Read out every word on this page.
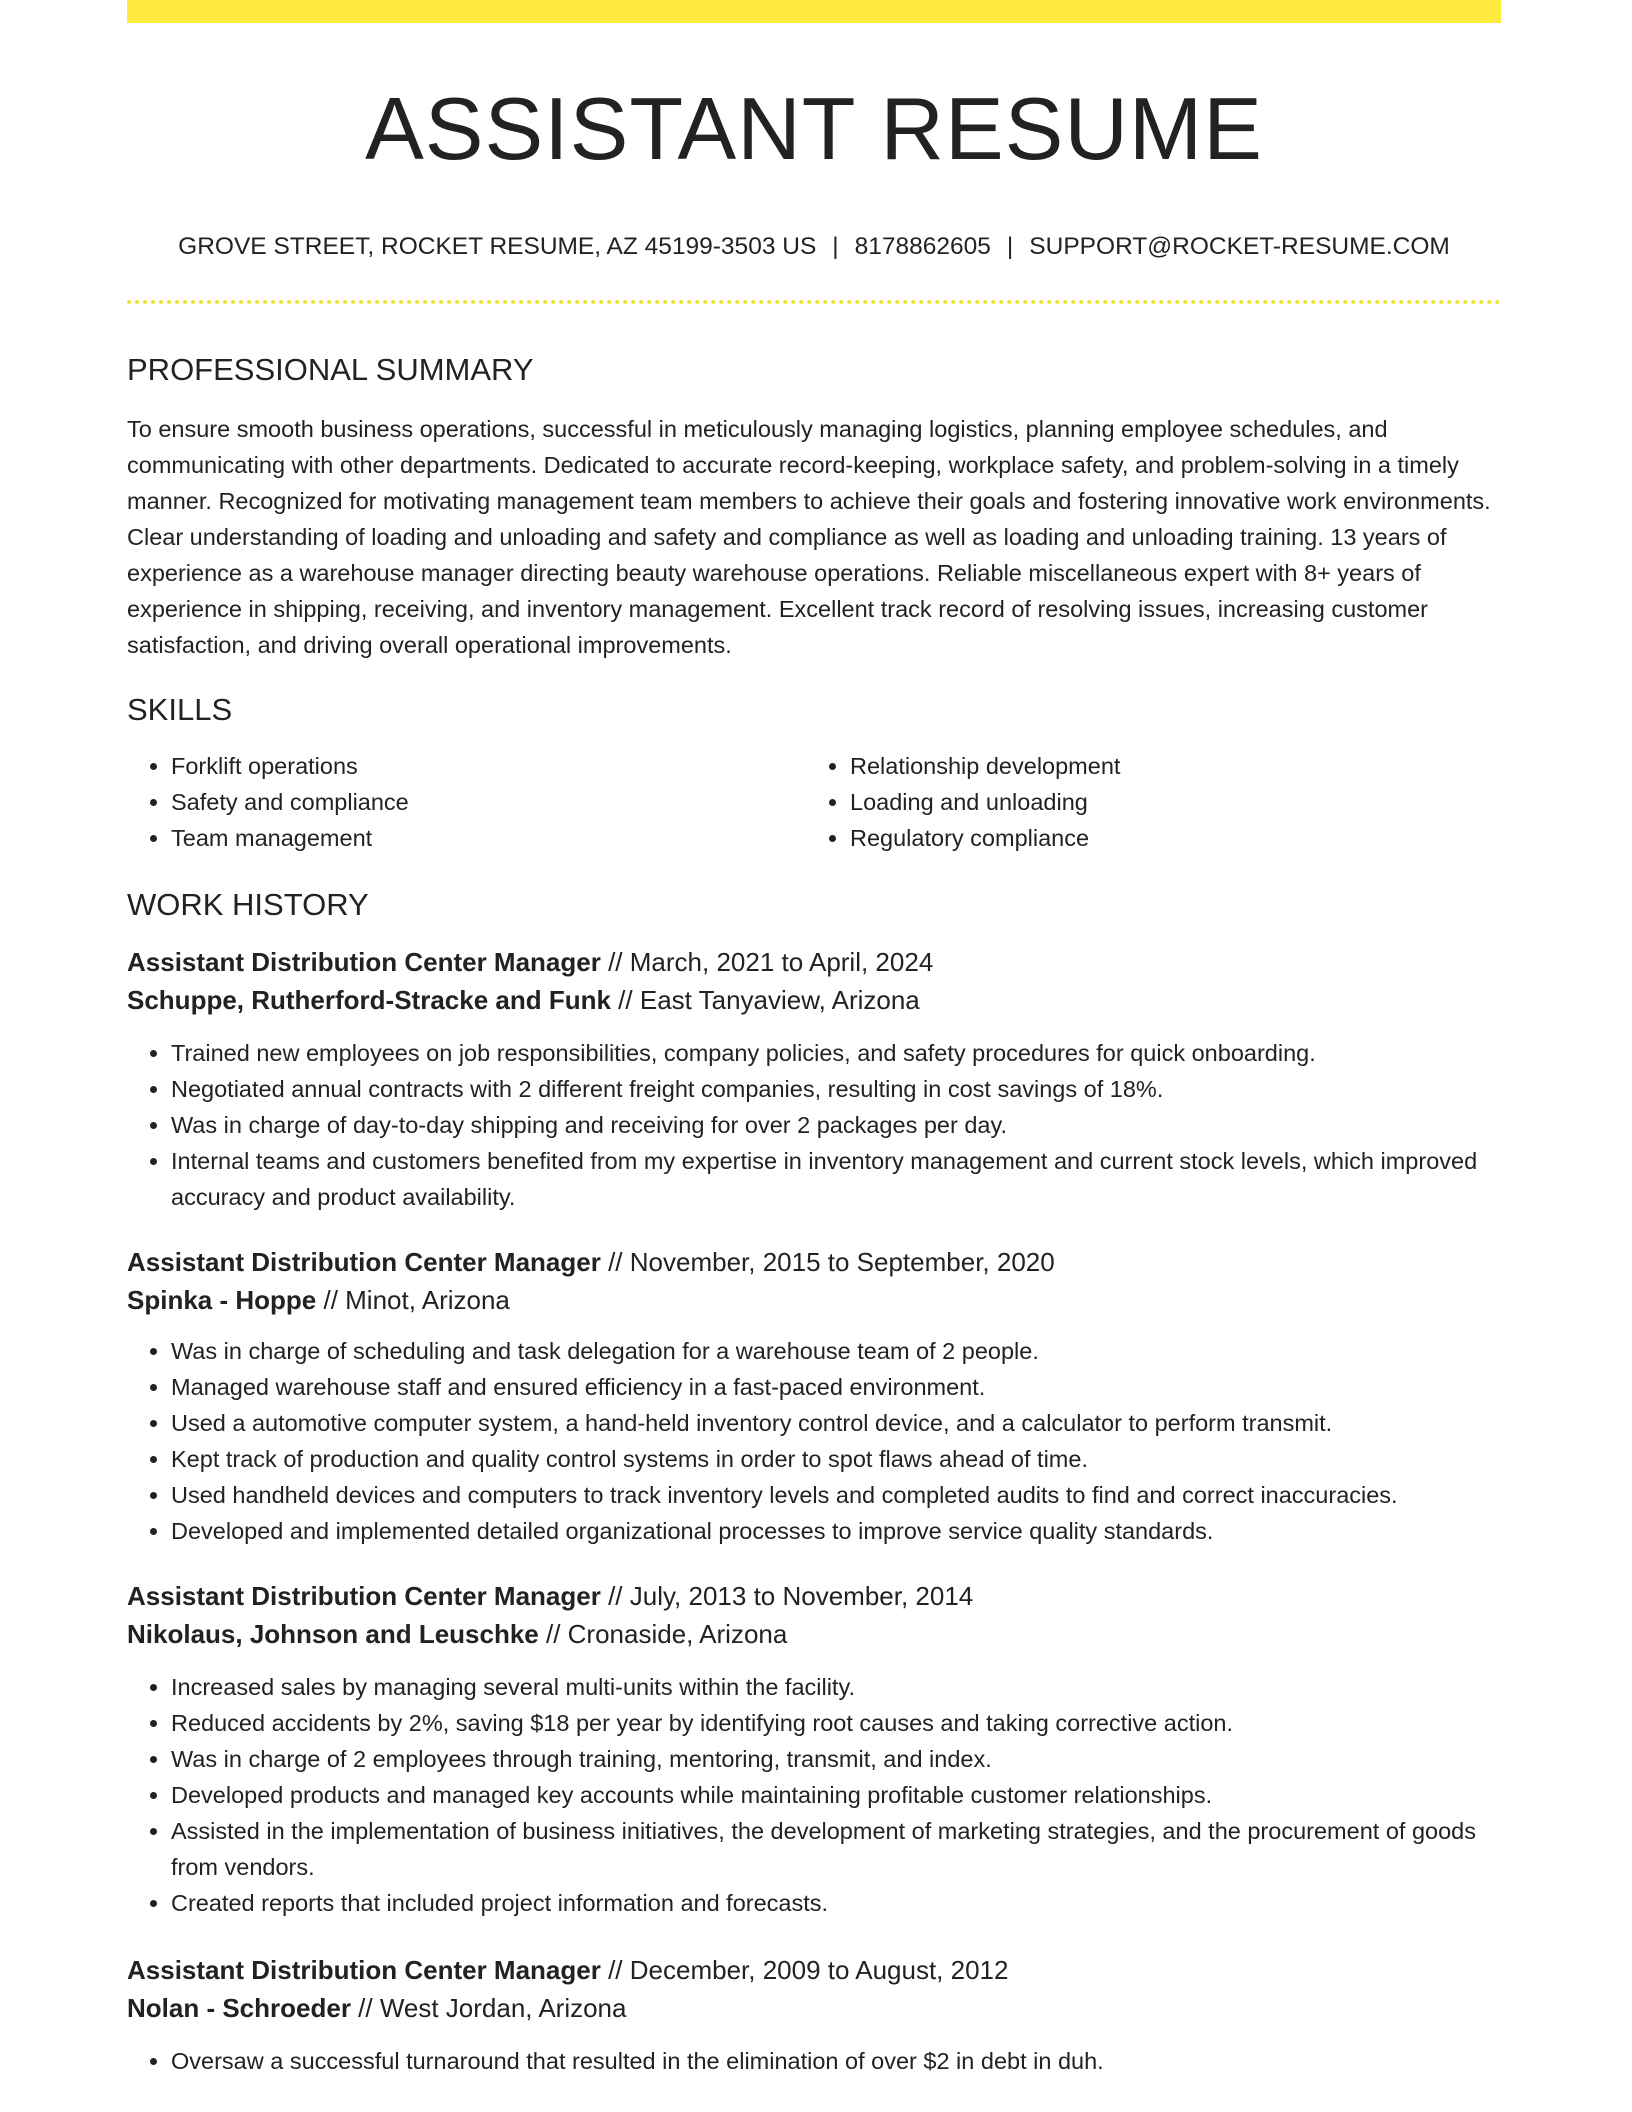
ASSISTANT RESUME
GROVE STREET, ROCKET RESUME, AZ 45199-3503 US | 8178862605 | SUPPORT@ROCKET-RESUME.COM
PROFESSIONAL SUMMARY

To ensure smooth business operations, successful in meticulously managing logistics, planning employee schedules, and communicating with other departments. Dedicated to accurate record-keeping, workplace safety, and problem-solving in a timely manner. Recognized for motivating management team members to achieve their goals and fostering innovative work environments. Clear understanding of loading and unloading and safety and compliance as well as loading and unloading training. 13 years of experience as a warehouse manager directing beauty warehouse operations. Reliable miscellaneous expert with 8+ years of experience in shipping, receiving, and inventory management. Excellent track record of resolving issues, increasing customer satisfaction, and driving overall operational improvements.

SKILLS
• Forklift operations
• Safety and compliance
• Team management
• Relationship development
• Loading and unloading
• Regulatory compliance
WORK HISTORY
Assistant Distribution Center Manager // March, 2021 to April, 2024
Schuppe, Rutherford-Stracke and Funk // East Tanyaview, Arizona
• Trained new employees on job responsibilities, company policies, and safety procedures for quick onboarding.
• Negotiated annual contracts with 2 different freight companies, resulting in cost savings of 18%.
• Was in charge of day-to-day shipping and receiving for over 2 packages per day.
• Internal teams and customers benefited from my expertise in inventory management and current stock levels, which improved accuracy and product availability.
Assistant Distribution Center Manager // November, 2015 to September, 2020
Spinka - Hoppe // Minot, Arizona
• Was in charge of scheduling and task delegation for a warehouse team of 2 people.
• Managed warehouse staff and ensured efficiency in a fast-paced environment.
• Used a automotive computer system, a hand-held inventory control device, and a calculator to perform transmit.
• Kept track of production and quality control systems in order to spot flaws ahead of time.
• Used handheld devices and computers to track inventory levels and completed audits to find and correct inaccuracies.
• Developed and implemented detailed organizational processes to improve service quality standards.
Assistant Distribution Center Manager // July, 2013 to November, 2014
Nikolaus, Johnson and Leuschke // Cronaside, Arizona
• Increased sales by managing several multi-units within the facility.
• Reduced accidents by 2%, saving $18 per year by identifying root causes and taking corrective action.
• Was in charge of 2 employees through training, mentoring, transmit, and index.
• Developed products and managed key accounts while maintaining profitable customer relationships.
• Assisted in the implementation of business initiatives, the development of marketing strategies, and the procurement of goods from vendors.
• Created reports that included project information and forecasts.
Assistant Distribution Center Manager // December, 2009 to August, 2012
Nolan - Schroeder // West Jordan, Arizona
• Oversaw a successful turnaround that resulted in the elimination of over $2 in debt in duh.
